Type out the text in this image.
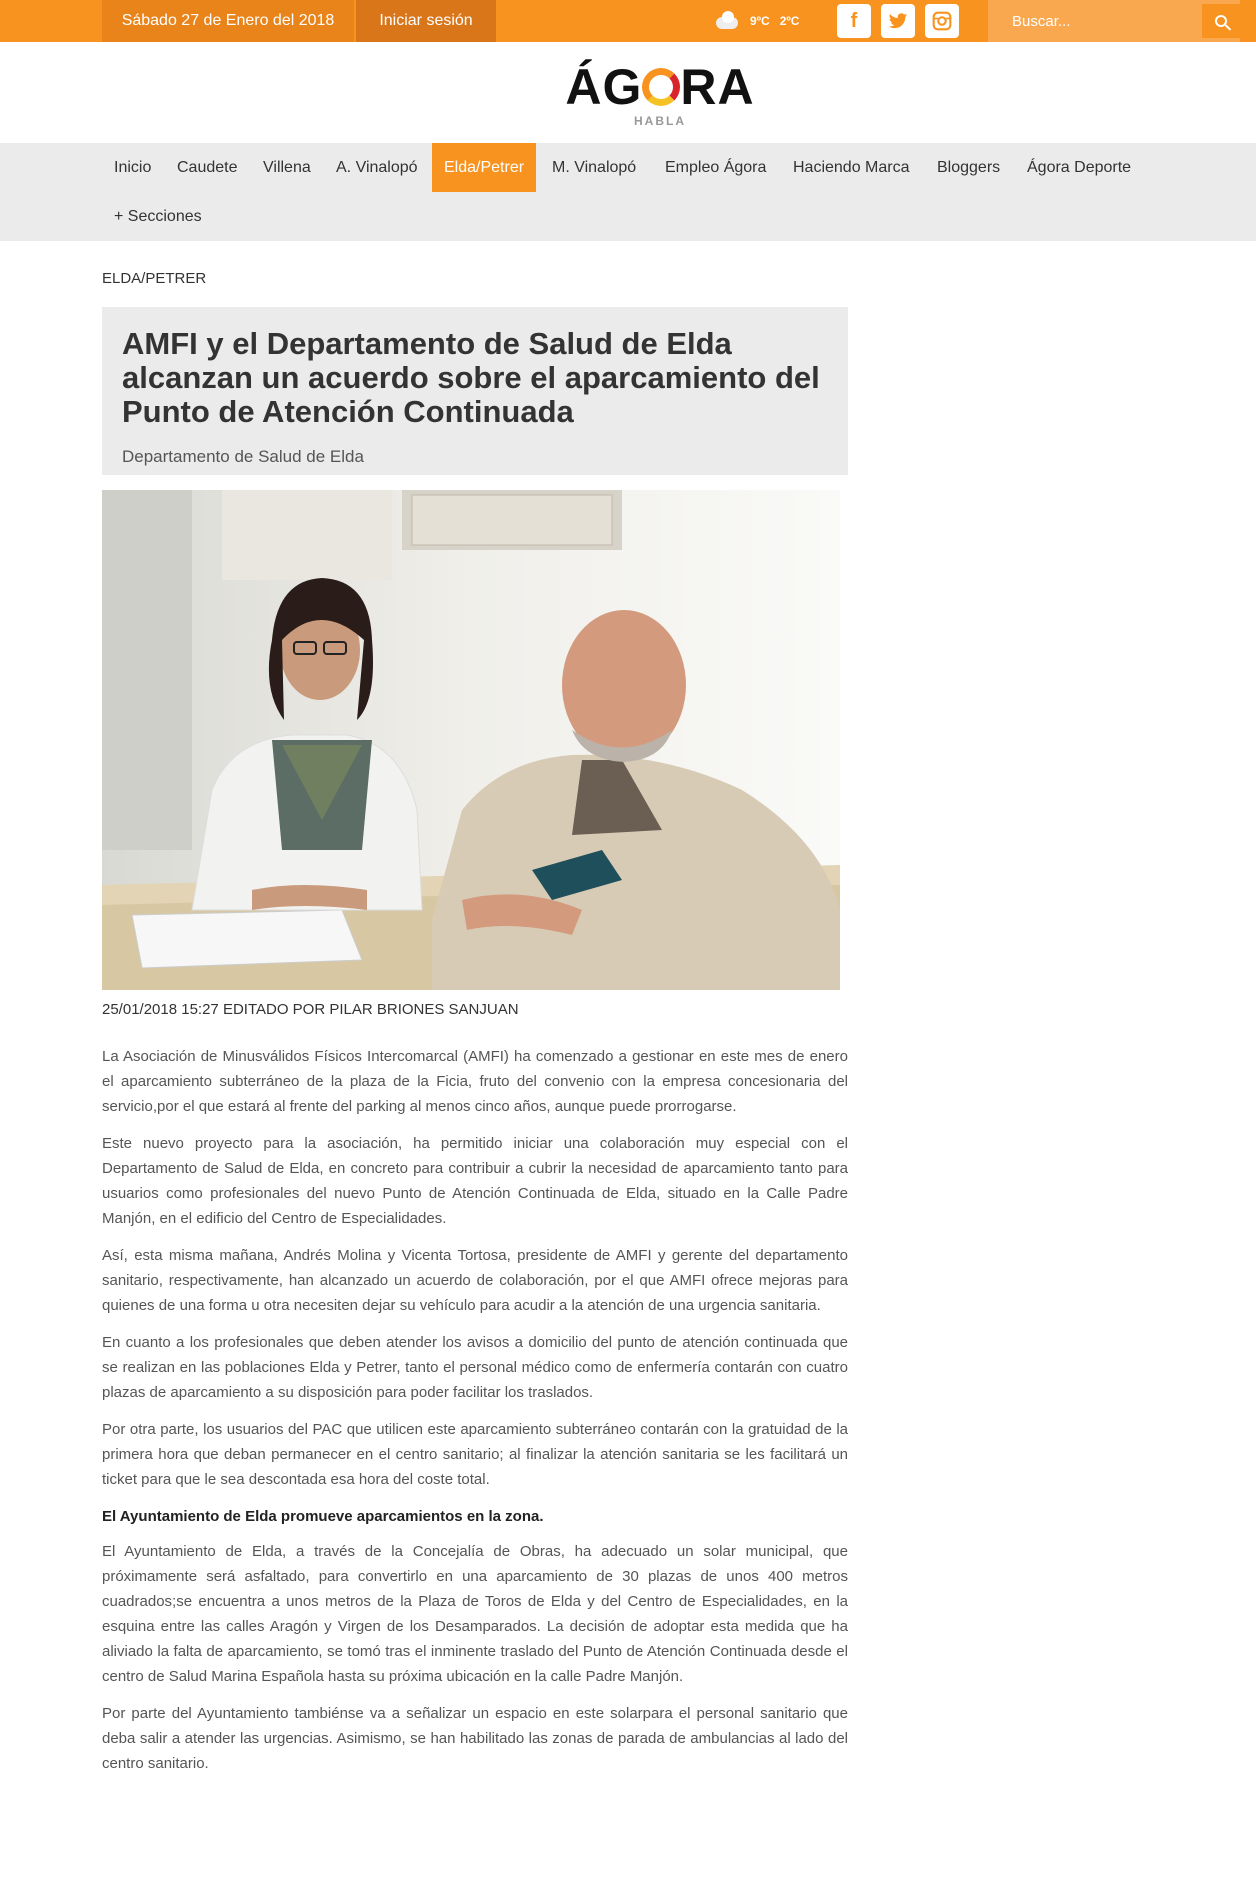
Sábado 27 de Enero del 2018	Iniciar sesión	9ºC 2ºC	f
Buscar...
ÁG RA
HABLA
Inicio	Caudete	Villena	A. Vinalopó	Elda/Petrer	M. Vinalopó	Empleo Ágora	Haciendo Marca	Bloggers	Ágora Deporte
+ Secciones
ELDA/PETRER
AMFI y el Departamento de Salud de Elda alcanzan un acuerdo sobre el aparcamiento del Punto de Atención Continuada
Departamento de Salud de Elda
25/01/2018 15:27 EDITADO POR PILAR BRIONES SANJUAN

La Asociación de Minusválidos Físicos Intercomarcal (AMFI) ha comenzado a gestionar en este mes de enero el aparcamiento subterráneo de la plaza de la Ficia, fruto del convenio con la empresa concesionaria del servicio,por el que estará al frente del parking al menos cinco años, aunque puede prorrogarse.

Este nuevo proyecto para la asociación, ha permitido iniciar una colaboración muy especial con el Departamento de Salud de Elda, en concreto para contribuir a cubrir la necesidad de aparcamiento tanto para usuarios como profesionales del nuevo Punto de Atención Continuada de Elda, situado en la Calle Padre Manjón, en el edificio del Centro de Especialidades.

Así, esta misma mañana, Andrés Molina y Vicenta Tortosa, presidente de AMFI y gerente del departamento sanitario, respectivamente, han alcanzado un acuerdo de colaboración, por el que AMFI ofrece mejoras para quienes de una forma u otra necesiten dejar su vehículo para acudir a la atención de una urgencia sanitaria.

En cuanto a los profesionales que deben atender los avisos a domicilio del punto de atención continuada que se realizan en las poblaciones Elda y Petrer, tanto el personal médico como de enfermería contarán con cuatro plazas de aparcamiento a su disposición para poder facilitar los traslados.

Por otra parte, los usuarios del PAC que utilicen este aparcamiento subterráneo contarán con la gratuidad de la primera hora que deban permanecer en el centro sanitario; al finalizar la atención sanitaria se les facilitará un ticket para que le sea descontada esa hora del coste total.

El Ayuntamiento de Elda promueve aparcamientos en la zona.

El Ayuntamiento de Elda, a través de la Concejalía de Obras, ha adecuado un solar municipal, que próximamente será asfaltado, para convertirlo en una aparcamiento de 30 plazas de unos 400 metros cuadrados;se encuentra a unos metros de la Plaza de Toros de Elda y del Centro de Especialidades, en la esquina entre las calles Aragón y Virgen de los Desamparados. La decisión de adoptar esta medida que ha aliviado la falta de aparcamiento, se tomó tras el inminente traslado del Punto de Atención Continuada desde el centro de Salud Marina Española hasta su próxima ubicación en la calle Padre Manjón.

Por parte del Ayuntamiento tambiénse va a señalizar un espacio en este solarpara el personal sanitario que deba salir a atender las urgencias. Asimismo, se han habilitado las zonas de parada de ambulancias al lado del centro sanitario.
